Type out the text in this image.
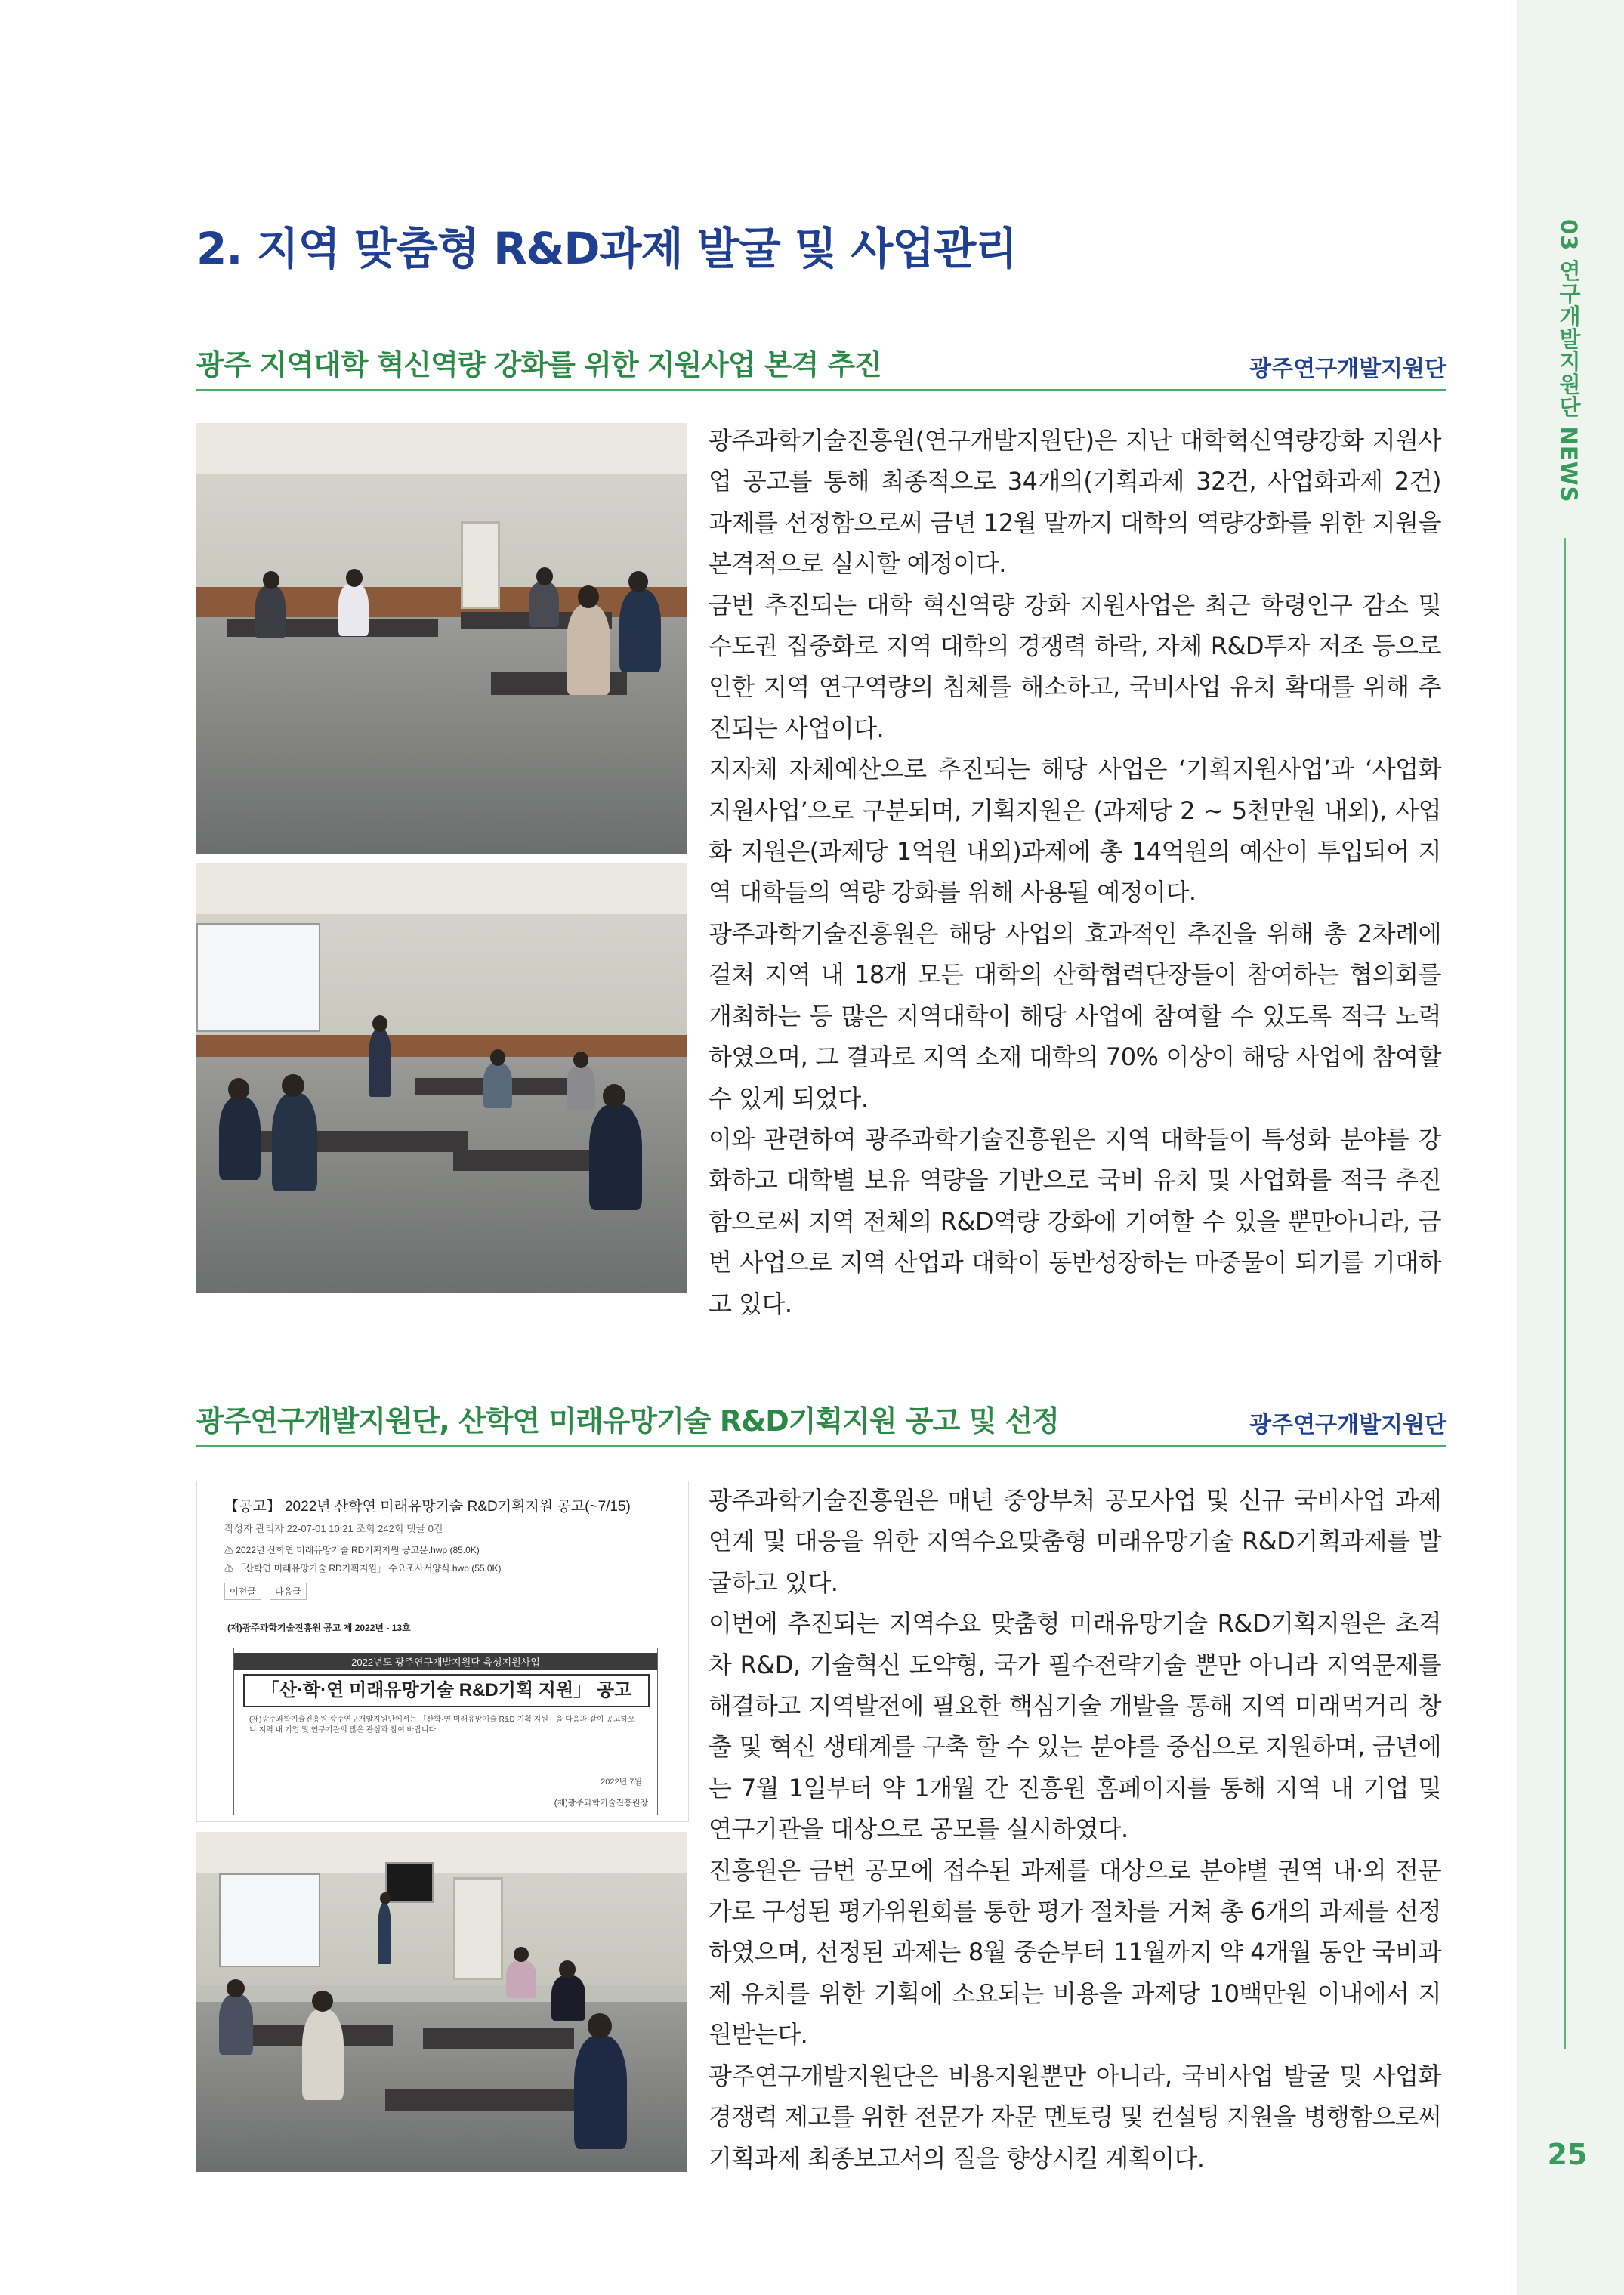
03 연구개발지원단 NEWS
25
2. 지역 맞춤형 R&D과제 발굴 및 사업관리
광주 지역대학 혁신역량 강화를 위한 지원사업 본격 추진	광주연구개발지원단

광주과학기술진흥원(연구개발지원단)은 지난 대학혁신역량강화 지원사업 공고를 통해 최종적으로 34개의(기획과제 32건, 사업화과제 2건) 과제를 선정함으로써 금년 12월 말까지 대학의 역량강화를 위한 지원을 본격적으로 실시할 예정이다.

금번 추진되는 대학 혁신역량 강화 지원사업은 최근 학령인구 감소 및 수도권 집중화로 지역 대학의 경쟁력 하락, 자체 R&D투자 저조 등으로 인한 지역 연구역량의 침체를 해소하고, 국비사업 유치 확대를 위해 추진되는 사업이다.

지자체 자체예산으로 추진되는 해당 사업은 ‘기획지원사업’과 ‘사업화 지원사업’으로 구분되며, 기획지원은 (과제당 2 ~ 5천만원 내외), 사업화 지원은(과제당 1억원 내외)과제에 총 14억원의 예산이 투입되어 지역 대학들의 역량 강화를 위해 사용될 예정이다.

광주과학기술진흥원은 해당 사업의 효과적인 추진을 위해 총 2차례에 걸쳐 지역 내 18개 모든 대학의 산학협력단장들이 참여하는 협의회를 개최하는 등 많은 지역대학이 해당 사업에 참여할 수 있도록 적극 노력하였으며, 그 결과로 지역 소재 대학의 70% 이상이 해당 사업에 참여할 수 있게 되었다.

이와 관련하여 광주과학기술진흥원은 지역 대학들이 특성화 분야를 강화하고 대학별 보유 역량을 기반으로 국비 유치 및 사업화를 적극 추진함으로써 지역 전체의 R&D역량 강화에 기여할 수 있을 뿐만아니라, 금번 사업으로 지역 산업과 대학이 동반성장하는 마중물이 되기를 기대하고 있다.

광주연구개발지원단, 산학연 미래유망기술 R&D기획지원 공고 및 선정	광주연구개발지원단
【공고】 2022년 산학연 미래유망기술 R&D기획지원 공고(~7/15)
작성자 관리자 22-07-01 10:21 조회 242회 댓글 0건
⚠ 2022년 산학연 미래유망기술 RD기획지원 공고문.hwp (85.0K)
⚠ 「산학연 미래유망기술 RD기획지원」 수요조사서양식.hwp (55.0K)
이전글	다음글
(재)광주과학기술진흥원 공고 제 2022년 - 13호
2022년도 광주연구개발지원단 육성지원사업
「산·학·연 미래유망기술 R&D기획 지원」 공고
(재)광주과학기술진흥원 광주연구개발지원단에서는 「산학·연 미래유망기술 R&D 기획 지원」을 다음과 같이 공고하오니 지역 내 기업 및 연구기관의 많은 관심과 참여 바랍니다.
2022년 7월
(재)광주과학기술진흥원장

광주과학기술진흥원은 매년 중앙부처 공모사업 및 신규 국비사업 과제 연계 및 대응을 위한 지역수요맞춤형 미래유망기술 R&D기획과제를 발굴하고 있다.

이번에 추진되는 지역수요 맞춤형 미래유망기술 R&D기획지원은 초격차 R&D, 기술혁신 도약형, 국가 필수전략기술 뿐만 아니라 지역문제를 해결하고 지역발전에 필요한 핵심기술 개발을 통해 지역 미래먹거리 창출 및 혁신 생태계를 구축 할 수 있는 분야를 중심으로 지원하며, 금년에는 7월 1일부터 약 1개월 간 진흥원 홈페이지를 통해 지역 내 기업 및 연구기관을 대상으로 공모를 실시하였다.

진흥원은 금번 공모에 접수된 과제를 대상으로 분야별 권역 내·외 전문가로 구성된 평가위원회를 통한 평가 절차를 거쳐 총 6개의 과제를 선정하였으며, 선정된 과제는 8월 중순부터 11월까지 약 4개월 동안 국비과제 유치를 위한 기획에 소요되는 비용을 과제당 10백만원 이내에서 지원받는다.

광주연구개발지원단은 비용지원뿐만 아니라, 국비사업 발굴 및 사업화 경쟁력 제고를 위한 전문가 자문 멘토링 및 컨설팅 지원을 병행함으로써 기획과제 최종보고서의 질을 향상시킬 계획이다.
